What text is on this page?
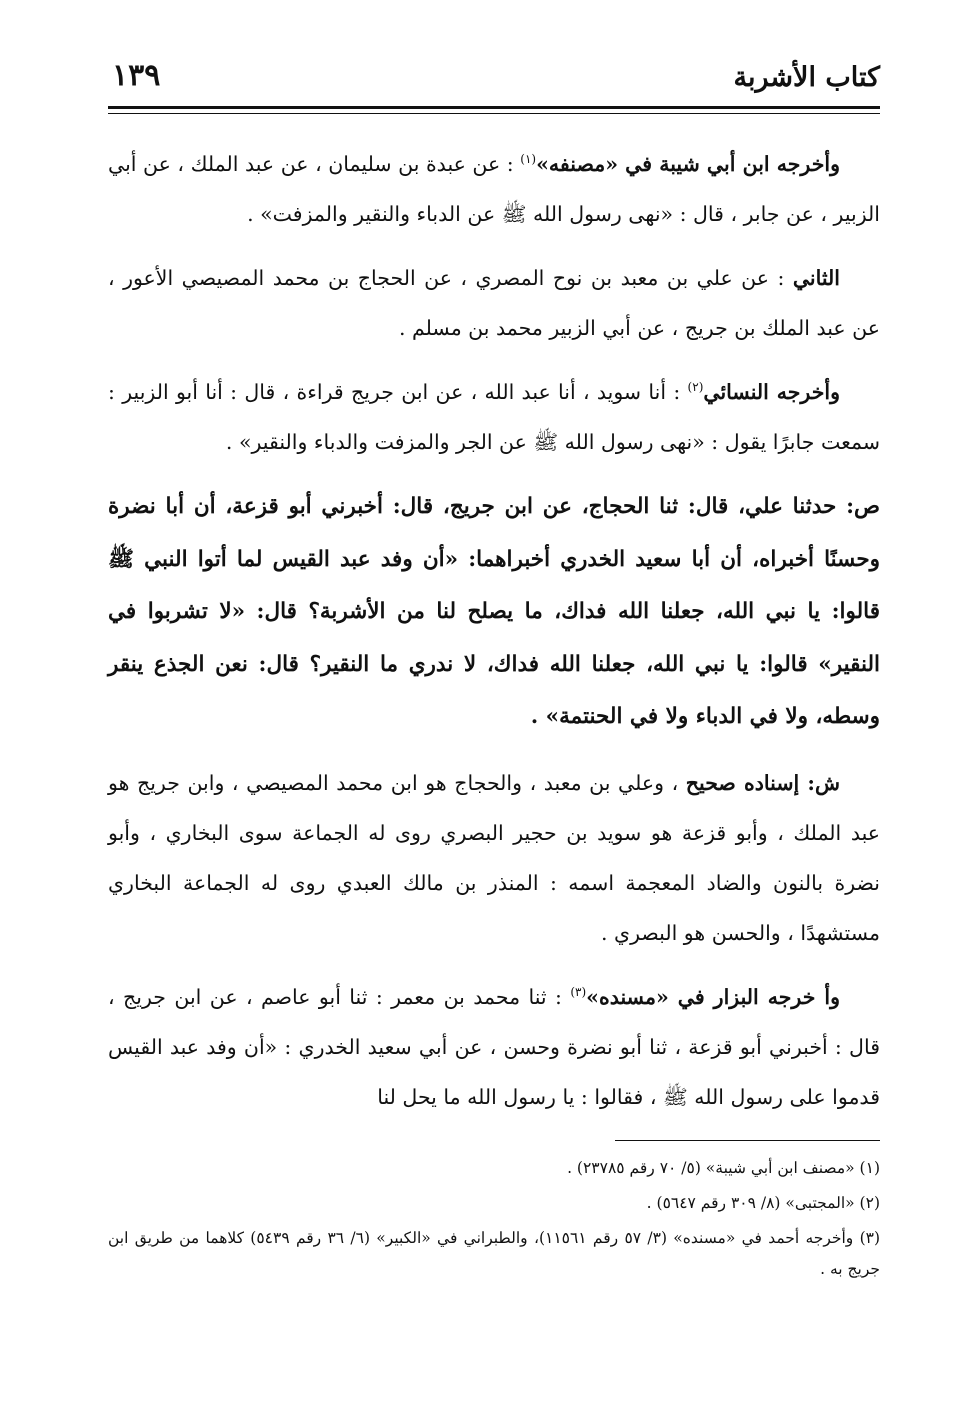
كتاب الأشربة
١٣٩

وأخرجه ابن أبي شيبة في «مصنفه»$^{(١)}$ : عن عبدة بن سليمان ، عن عبد الملك ، عن أبي الزبير ، عن جابر ، قال : «نهى رسول الله ﷺ عن الدباء والنقير والمزفت» .

الثاني : عن علي بن معبد بن نوح المصري ، عن الحجاج بن محمد المصيصي الأعور ، عن عبد الملك بن جريج ، عن أبي الزبير محمد بن مسلم .

وأخرجه النسائي$^{(٢)}$ : أنا سويد ، أنا عبد الله ، عن ابن جريج قراءة ، قال : أنا أبو الزبير : سمعت جابرًا يقول : «نهى رسول الله ﷺ عن الجر والمزفت والدباء والنقير» .

ص: حدثنا علي، قال: ثنا الحجاج، عن ابن جريج، قال: أخبرني أبو قزعة، أن أبا نضرة وحسنًا أخبراه، أن أبا سعيد الخدري أخبراهما: «أن وفد عبد القيس لما أتوا النبي ﷺ قالوا: يا نبي الله، جعلنا الله فداك، ما يصلح لنا من الأشربة؟ قال: «لا تشربوا في النقير» قالوا: يا نبي الله، جعلنا الله فداك، لا ندري ما النقير؟ قال: نعن الجذع ينقر وسطه، ولا في الدباء ولا في الحنتمة» .

ش: إسناده صحيح ، وعلي بن معبد ، والحجاج هو ابن محمد المصيصي ، وابن جريج هو عبد الملك ، وأبو قزعة هو سويد بن حجير البصري روى له الجماعة سوى البخاري ، وأبو نضرة بالنون والضاد المعجمة اسمه : المنذر بن مالك العبدي روى له الجماعة البخاري مستشهدًا ، والحسن هو البصري .

وأ خرجه البزار في «مسنده»$^{(٣)}$ : ثنا محمد بن معمر : ثنا أبو عاصم ، عن ابن جريج ، قال : أخبرني أبو قزعة ، ثنا أبو نضرة وحسن ، عن أبي سعيد الخدري : «أن وفد عبد القيس قدموا على رسول الله ﷺ ، فقالوا : يا رسول الله ما يحل لنا

(١) «مصنف ابن أبي شيبة» (٥/ ٧٠ رقم ٢٣٧٨٥) .

(٢) «المجتبى» (٨/ ٣٠٩ رقم ٥٦٤٧) .

(٣) وأخرجه أحمد في «مسنده» (٣/ ٥٧ رقم ١١٥٦١)، والطبراني في «الكبير» (٦/ ٣٦ رقم ٥٤٣٩) كلاهما من طريق ابن جريج به .
